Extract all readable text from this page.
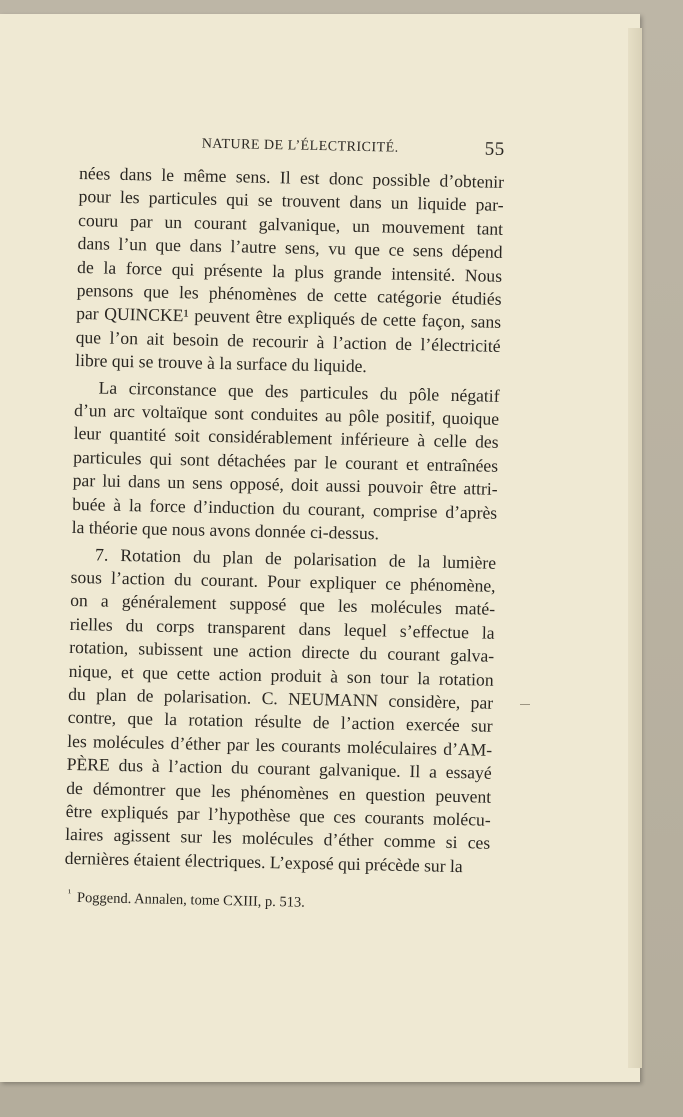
NATURE DE L’ÉLECTRICITÉ.	55

nées dans le même sens. Il est donc possible d’obtenir
pour les particules qui se trouvent dans un liquide par-
couru par un courant galvanique, un mouvement tant
dans l’un que dans l’autre sens, vu que ce sens dépend
de la force qui présente la plus grande intensité. Nous
pensons que les phénomènes de cette catégorie étudiés
par QUINCKE¹ peuvent être expliqués de cette façon, sans
que l’on ait besoin de recourir à l’action de l’électricité
libre qui se trouve à la surface du liquide.

La circonstance que des particules du pôle négatif
d’un arc voltaïque sont conduites au pôle positif, quoique
leur quantité soit considérablement inférieure à celle des
particules qui sont détachées par le courant et entraînées
par lui dans un sens opposé, doit aussi pouvoir être attri-
buée à la force d’induction du courant, comprise d’après
la théorie que nous avons donnée ci-dessus.

7. Rotation du plan de polarisation de la lumière
sous l’action du courant. Pour expliquer ce phénomène,
on a généralement supposé que les molécules maté-
rielles du corps transparent dans lequel s’effectue la
rotation, subissent une action directe du courant galva-
nique, et que cette action produit à son tour la rotation
du plan de polarisation. C. NEUMANN considère, par
contre, que la rotation résulte de l’action exercée sur
les molécules d’éther par les courants moléculaires d’AM-
PÈRE dus à l’action du courant galvanique. Il a essayé
de démontrer que les phénomènes en question peuvent
être expliqués par l’hypothèse que ces courants molécu-
laires agissent sur les molécules d’éther comme si ces
dernières étaient électriques. L’exposé qui précède sur la

$^{^1}$ Poggend. Annalen, tome CXIII, p. 513.
